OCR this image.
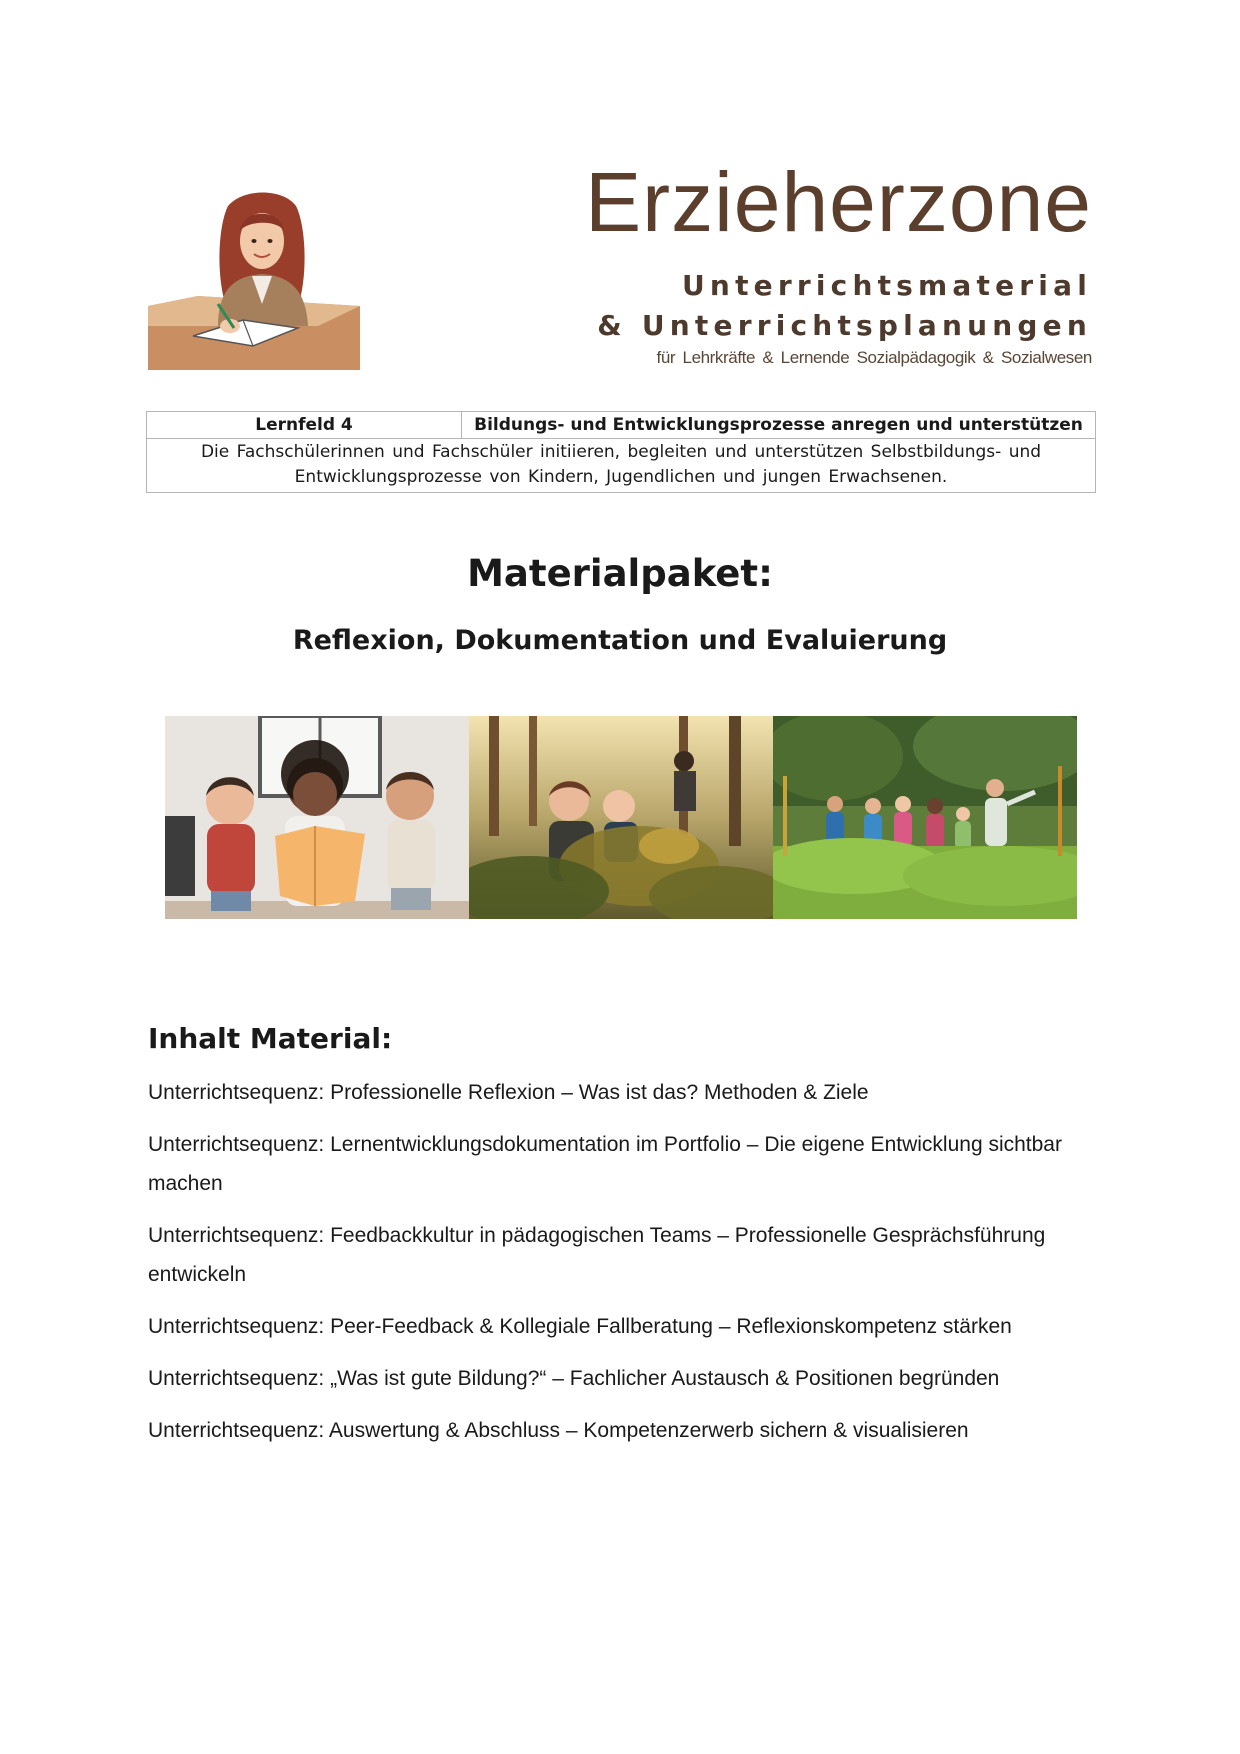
Erzieherzone
Unterrichtsmaterial
& Unterrichtsplanungen
für Lehrkräfte & Lernende Sozialpädagogik & Sozialwesen
Lernfeld 4	Bildungs- und Entwicklungsprozesse anregen und unterstützen
Die Fachschülerinnen und Fachschüler initiieren, begleiten und unterstützen Selbstbildungs- und Entwicklungsprozesse von Kindern, Jugendlichen und jungen Erwachsenen.
Materialpaket:
Reflexion, Dokumentation und Evaluierung
Inhalt Material:
Unterrichtsequenz: Professionelle Reflexion – Was ist das? Methoden & Ziele
Unterrichtsequenz: Lernentwicklungsdokumentation im Portfolio – Die eigene Entwicklung sichtbar machen
Unterrichtsequenz: Feedbackkultur in pädagogischen Teams – Professionelle Gesprächsführung entwickeln
Unterrichtsequenz: Peer-Feedback & Kollegiale Fallberatung – Reflexionskompetenz stärken
Unterrichtsequenz: „Was ist gute Bildung?“ – Fachlicher Austausch & Positionen begründen
Unterrichtsequenz: Auswertung & Abschluss – Kompetenzerwerb sichern & visualisieren
